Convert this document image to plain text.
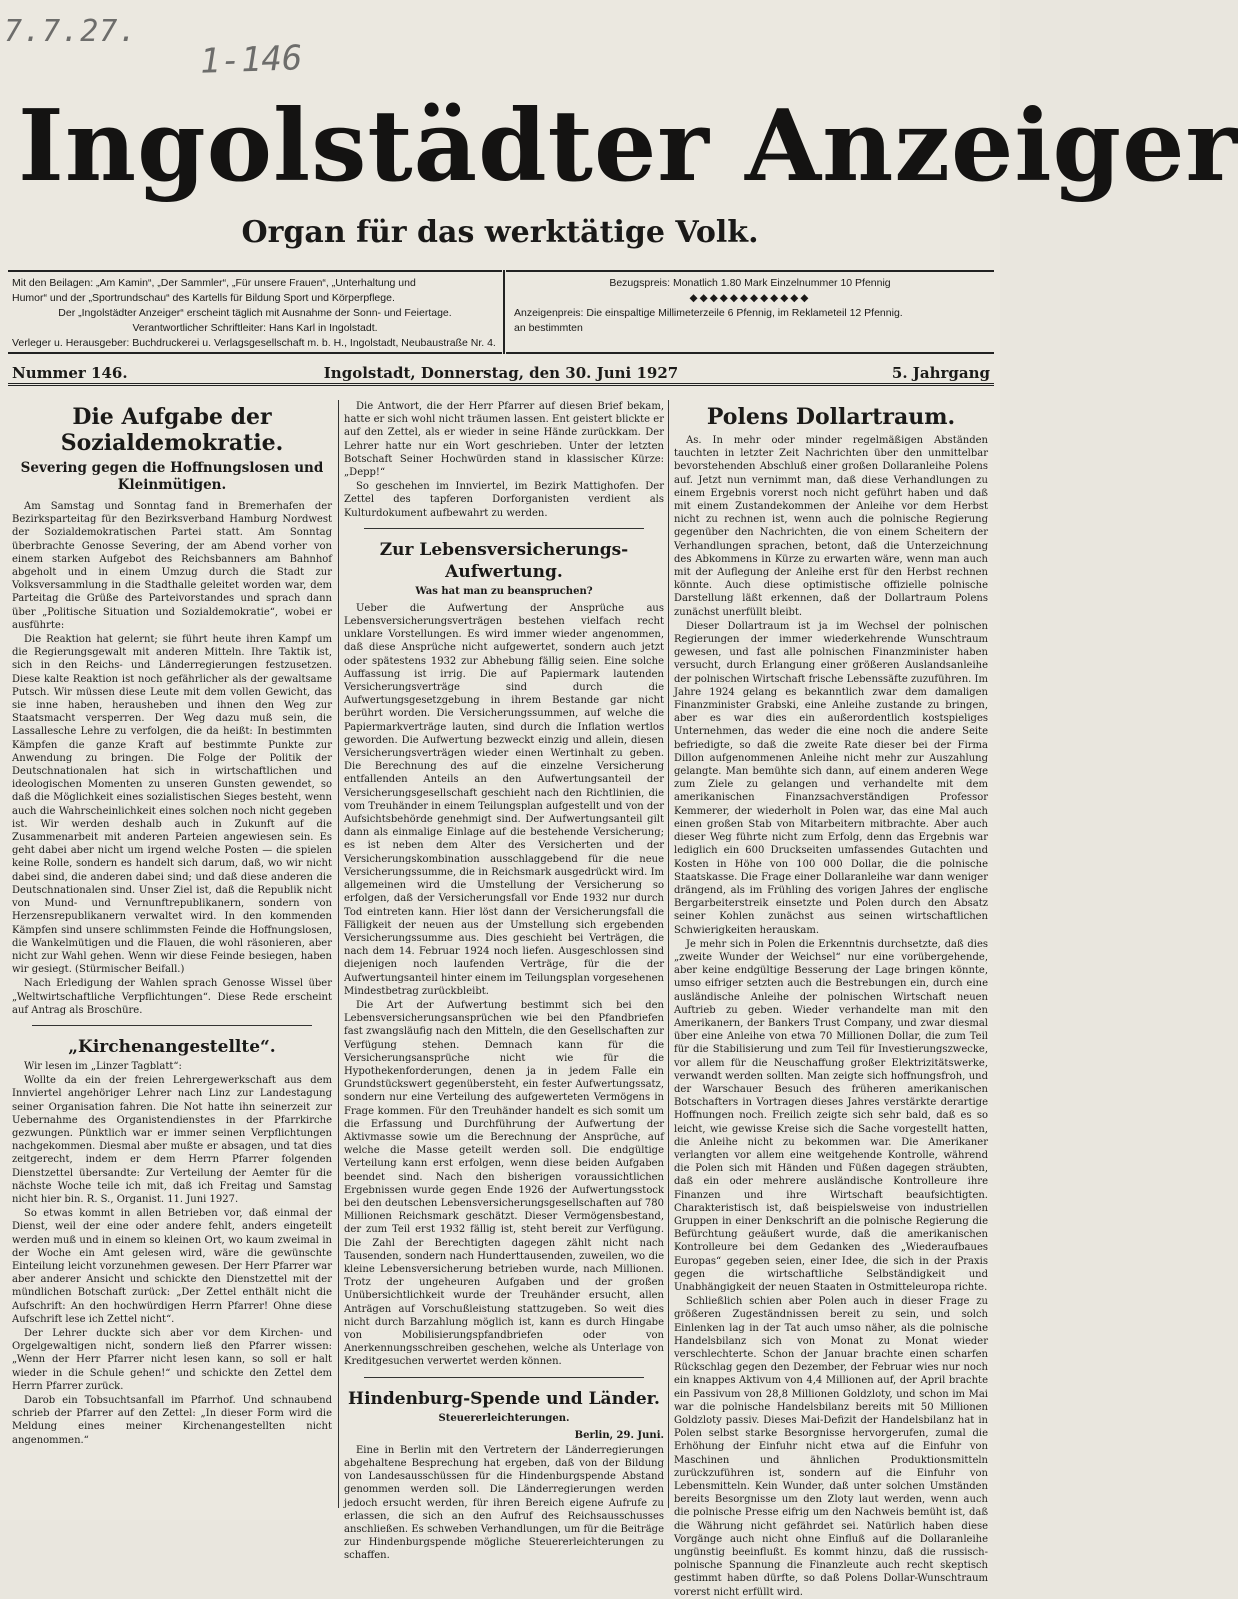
7.7.27.
1-146
Ingolstädter Anzeiger
Organ für das werktätige Volk.

Mit den Beilagen: „Am Kamin“, „Der Sammler“, „Für unsere Frauen“, „Unterhaltung und

Humor“ und der „Sportrundschau“ des Kartells für Bildung Sport und Körperpflege.

Der „Ingolstädter Anzeiger“ erscheint täglich mit Ausnahme der Sonn- und Feiertage.

Verantwortlicher Schriftleiter: Hans Karl in Ingolstadt.

Verleger u. Herausgeber: Buchdruckerei u. Verlagsgesellschaft m. b. H., Ingolstadt, Neubaustraße Nr. 4.

Bezugspreis: Monatlich 1.80 Mark Einzelnummer 10 Pfennig

◆◆◆◆◆◆◆◆◆◆◆◆

Anzeigenpreis: Die einspaltige Millimeterzeile 6 Pfennig, im Reklameteil 12 Pfennig.

an bestimmten

Ingolstadt, Donnerstag, den 30. Juni 1927
Nummer 146.	5. Jahrgang
Die Aufgabe der Sozialdemokratie.
Severing gegen die Hoffnungslosen und Kleinmütigen.

Am Samstag und Sonntag fand in Bremerhafen der Bezirksparteitag für den Bezirksverband Hamburg Nordwest der Sozialdemokratischen Partei statt. Am Sonntag überbrachte Genosse Severing, der am Abend vorher von einem starken Aufgebot des Reichsbanners am Bahnhof abgeholt und in einem Umzug durch die Stadt zur Volksversammlung in die Stadthalle geleitet worden war, dem Parteitag die Grüße des Parteivorstandes und sprach dann über „Politische Situation und Sozialdemokratie“, wobei er ausführte:

Die Reaktion hat gelernt; sie führt heute ihren Kampf um die Regierungsgewalt mit anderen Mitteln. Ihre Taktik ist, sich in den Reichs- und Länderregierungen festzusetzen. Diese kalte Reaktion ist noch gefährlicher als der gewaltsame Putsch. Wir müssen diese Leute mit dem vollen Gewicht, das sie inne haben, herausheben und ihnen den Weg zur Staatsmacht versperren. Der Weg dazu muß sein, die Lassallesche Lehre zu verfolgen, die da heißt: In bestimmten Kämpfen die ganze Kraft auf bestimmte Punkte zur Anwendung zu bringen. Die Folge der Politik der Deutschnationalen hat sich in wirtschaftlichen und ideologischen Momenten zu unseren Gunsten gewendet, so daß die Möglichkeit eines sozialistischen Sieges besteht, wenn auch die Wahrscheinlichkeit eines solchen noch nicht gegeben ist. Wir werden deshalb auch in Zukunft auf die Zusammenarbeit mit anderen Parteien angewiesen sein. Es geht dabei aber nicht um irgend welche Posten — die spielen keine Rolle, sondern es handelt sich darum, daß, wo wir nicht dabei sind, die anderen dabei sind; und daß diese anderen die Deutschnationalen sind. Unser Ziel ist, daß die Republik nicht von Mund- und Vernunftrepublikanern, sondern von Herzensrepublikanern verwaltet wird. In den kommenden Kämpfen sind unsere schlimmsten Feinde die Hoffnungslosen, die Wankelmütigen und die Flauen, die wohl räsonieren, aber nicht zur Wahl gehen. Wenn wir diese Feinde besiegen, haben wir gesiegt. (Stürmischer Beifall.)

Nach Erledigung der Wahlen sprach Genosse Wissel über „Weltwirtschaftliche Verpflichtungen“. Diese Rede erscheint auf Antrag als Broschüre.

„Kirchenangestellte“.

Wir lesen im „Linzer Tagblatt“:

Wollte da ein der freien Lehrergewerkschaft aus dem Innviertel angehöriger Lehrer nach Linz zur Landestagung seiner Organisation fahren. Die Not hatte ihn seinerzeit zur Uebernahme des Organistendienstes in der Pfarrkirche gezwungen. Pünktlich war er immer seinen Verpflichtungen nachgekommen. Diesmal aber mußte er absagen, und tat dies zeitgerecht, indem er dem Herrn Pfarrer folgenden Dienstzettel übersandte: Zur Verteilung der Aemter für die nächste Woche teile ich mit, daß ich Freitag und Samstag nicht hier bin. R. S., Organist. 11. Juni 1927.

So etwas kommt in allen Betrieben vor, daß einmal der Dienst, weil der eine oder andere fehlt, anders eingeteilt werden muß und in einem so kleinen Ort, wo kaum zweimal in der Woche ein Amt gelesen wird, wäre die gewünschte Einteilung leicht vorzunehmen gewesen. Der Herr Pfarrer war aber anderer Ansicht und schickte den Dienstzettel mit der mündlichen Botschaft zurück: „Der Zettel enthält nicht die Aufschrift: An den hochwürdigen Herrn Pfarrer! Ohne diese Aufschrift lese ich Zettel nicht“.

Der Lehrer duckte sich aber vor dem Kirchen- und Orgelgewaltigen nicht, sondern ließ den Pfarrer wissen: „Wenn der Herr Pfarrer nicht lesen kann, so soll er halt wieder in die Schule gehen!“ und schickte den Zettel dem Herrn Pfarrer zurück.

Darob ein Tobsuchtsanfall im Pfarrhof. Und schnaubend schrieb der Pfarrer auf den Zettel: „In dieser Form wird die Meldung eines meiner Kirchenangestellten nicht angenommen.“

Die Antwort, die der Herr Pfarrer auf diesen Brief bekam, hatte er sich wohl nicht träumen lassen. Ent geistert blickte er auf den Zettel, als er wieder in seine Hände zurückkam. Der Lehrer hatte nur ein Wort geschrieben. Unter der letzten Botschaft Seiner Hochwürden stand in klassischer Kürze: „Depp!“

So geschehen im Innviertel, im Bezirk Mattighofen. Der Zettel des tapferen Dorforganisten verdient als Kulturdokument aufbewahrt zu werden.

Zur Lebensversicherungs-Aufwertung.
Was hat man zu beanspruchen?

Ueber die Aufwertung der Ansprüche aus Lebensversicherungsverträgen bestehen vielfach recht unklare Vorstellungen. Es wird immer wieder angenommen, daß diese Ansprüche nicht aufgewertet, sondern auch jetzt oder spätestens 1932 zur Abhebung fällig seien. Eine solche Auffassung ist irrig. Die auf Papiermark lautenden Versicherungsverträge sind durch die Aufwertungsgesetzgebung in ihrem Bestande gar nicht berührt worden. Die Versicherungssummen, auf welche die Papiermarkverträge lauten, sind durch die Inflation wertlos geworden. Die Aufwertung bezweckt einzig und allein, diesen Versicherungsverträgen wieder einen Wertinhalt zu geben. Die Berechnung des auf die einzelne Versicherung entfallenden Anteils an den Aufwertungsanteil der Versicherungsgesellschaft geschieht nach den Richtlinien, die vom Treuhänder in einem Teilungsplan aufgestellt und von der Aufsichtsbehörde genehmigt sind. Der Aufwertungsanteil gilt dann als einmalige Einlage auf die bestehende Versicherung; es ist neben dem Alter des Versicherten und der Versicherungskombination ausschlaggebend für die neue Versicherungssumme, die in Reichsmark ausgedrückt wird. Im allgemeinen wird die Umstellung der Versicherung so erfolgen, daß der Versicherungsfall vor Ende 1932 nur durch Tod eintreten kann. Hier löst dann der Versicherungsfall die Fälligkeit der neuen aus der Umstellung sich ergebenden Versicherungssumme aus. Dies geschieht bei Verträgen, die nach dem 14. Februar 1924 noch liefen. Ausgeschlossen sind diejenigen noch laufenden Verträge, für die der Aufwertungsanteil hinter einem im Teilungsplan vorgesehenen Mindestbetrag zurückbleibt.

Die Art der Aufwertung bestimmt sich bei den Lebensversicherungsansprüchen wie bei den Pfandbriefen fast zwangsläufig nach den Mitteln, die den Gesellschaften zur Verfügung stehen. Demnach kann für die Versicherungsansprüche nicht wie für die Hypothekenforderungen, denen ja in jedem Falle ein Grundstückswert gegenübersteht, ein fester Aufwertungssatz, sondern nur eine Verteilung des aufgewerteten Vermögens in Frage kommen. Für den Treuhänder handelt es sich somit um die Erfassung und Durchführung der Aufwertung der Aktivmasse sowie um die Berechnung der Ansprüche, auf welche die Masse geteilt werden soll. Die endgültige Verteilung kann erst erfolgen, wenn diese beiden Aufgaben beendet sind. Nach den bisherigen voraussichtlichen Ergebnissen wurde gegen Ende 1926 der Aufwertungsstock bei den deutschen Lebensversicherungsgesellschaften auf 780 Millionen Reichsmark geschätzt. Dieser Vermögensbestand, der zum Teil erst 1932 fällig ist, steht bereit zur Verfügung. Die Zahl der Berechtigten dagegen zählt nicht nach Tausenden, sondern nach Hunderttausenden, zuweilen, wo die kleine Lebensversicherung betrieben wurde, nach Millionen. Trotz der ungeheuren Aufgaben und der großen Unübersichtlichkeit wurde der Treuhänder ersucht, allen Anträgen auf Vorschußleistung stattzugeben. So weit dies nicht durch Barzahlung möglich ist, kann es durch Hingabe von Mobilisierungspfandbriefen oder von Anerkennungsschreiben geschehen, welche als Unterlage von Kreditgesuchen verwertet werden können.

Hindenburg-Spende und Länder.
Steuererleichterungen.
Berlin, 29. Juni.

Eine in Berlin mit den Vertretern der Länderregierungen abgehaltene Besprechung hat ergeben, daß von der Bildung von Landesausschüssen für die Hindenburgspende Abstand genommen werden soll. Die Länderregierungen werden jedoch ersucht werden, für ihren Bereich eigene Aufrufe zu erlassen, die sich an den Aufruf des Reichsausschusses anschließen. Es schweben Verhandlungen, um für die Beiträge zur Hindenburgspende mögliche Steuererleichterungen zu schaffen.

Polens Dollartraum.

As. In mehr oder minder regelmäßigen Abständen tauchten in letzter Zeit Nachrichten über den unmittelbar bevorstehenden Abschluß einer großen Dollaranleihe Polens auf. Jetzt nun vernimmt man, daß diese Verhandlungen zu einem Ergebnis vorerst noch nicht geführt haben und daß mit einem Zustandekommen der Anleihe vor dem Herbst nicht zu rechnen ist, wenn auch die polnische Regierung gegenüber den Nachrichten, die von einem Scheitern der Verhandlungen sprachen, betont, daß die Unterzeichnung des Abkommens in Kürze zu erwarten wäre, wenn man auch mit der Auflegung der Anleihe erst für den Herbst rechnen könnte. Auch diese optimistische offizielle polnische Darstellung läßt erkennen, daß der Dollartraum Polens zunächst unerfüllt bleibt.

Dieser Dollartraum ist ja im Wechsel der polnischen Regierungen der immer wiederkehrende Wunschtraum gewesen, und fast alle polnischen Finanzminister haben versucht, durch Erlangung einer größeren Auslandsanleihe der polnischen Wirtschaft frische Lebenssäfte zuzuführen. Im Jahre 1924 gelang es bekanntlich zwar dem damaligen Finanzminister Grabski, eine Anleihe zustande zu bringen, aber es war dies ein außerordentlich kostspieliges Unternehmen, das weder die eine noch die andere Seite befriedigte, so daß die zweite Rate dieser bei der Firma Dillon aufgenommenen Anleihe nicht mehr zur Auszahlung gelangte. Man bemühte sich dann, auf einem anderen Wege zum Ziele zu gelangen und verhandelte mit dem amerikanischen Finanzsachverständigen Professor Kemmerer, der wiederholt in Polen war, das eine Mal auch einen großen Stab von Mitarbeitern mitbrachte. Aber auch dieser Weg führte nicht zum Erfolg, denn das Ergebnis war lediglich ein 600 Druckseiten umfassendes Gutachten und Kosten in Höhe von 100 000 Dollar, die die polnische Staatskasse. Die Frage einer Dollaranleihe war dann weniger drängend, als im Frühling des vorigen Jahres der englische Bergarbeiterstreik einsetzte und Polen durch den Absatz seiner Kohlen zunächst aus seinen wirtschaftlichen Schwierigkeiten herauskam.

Je mehr sich in Polen die Erkenntnis durchsetzte, daß dies „zweite Wunder der Weichsel“ nur eine vorübergehende, aber keine endgültige Besserung der Lage bringen könnte, umso eifriger setzten auch die Bestrebungen ein, durch eine ausländische Anleihe der polnischen Wirtschaft neuen Auftrieb zu geben. Wieder verhandelte man mit den Amerikanern, der Bankers Trust Company, und zwar diesmal über eine Anleihe von etwa 70 Millionen Dollar, die zum Teil für die Stabilisierung und zum Teil für Investierungszwecke, vor allem für die Neuschaffung großer Elektrizitätswerke, verwandt werden sollten. Man zeigte sich hoffnungsfroh, und der Warschauer Besuch des früheren amerikanischen Botschafters in Vortragen dieses Jahres verstärkte derartige Hoffnungen noch. Freilich zeigte sich sehr bald, daß es so leicht, wie gewisse Kreise sich die Sache vorgestellt hatten, die Anleihe nicht zu bekommen war. Die Amerikaner verlangten vor allem eine weitgehende Kontrolle, während die Polen sich mit Händen und Füßen dagegen sträubten, daß ein oder mehrere ausländische Kontrolleure ihre Finanzen und ihre Wirtschaft beaufsichtigten. Charakteristisch ist, daß beispielsweise von industriellen Gruppen in einer Denkschrift an die polnische Regierung die Befürchtung geäußert wurde, daß die amerikanischen Kontrolleure bei dem Gedanken des „Wiederaufbaues Europas“ gegeben seien, einer Idee, die sich in der Praxis gegen die wirtschaftliche Selbständigkeit und Unabhängigkeit der neuen Staaten in Ostmitteleuropa richte.

Schließlich schien aber Polen auch in dieser Frage zu größeren Zugeständnissen bereit zu sein, und solch Einlenken lag in der Tat auch umso näher, als die polnische Handelsbilanz sich von Monat zu Monat wieder verschlechterte. Schon der Januar brachte einen scharfen Rückschlag gegen den Dezember, der Februar wies nur noch ein knappes Aktivum von 4,4 Millionen auf, der April brachte ein Passivum von 28,8 Millionen Goldzloty, und schon im Mai war die polnische Handelsbilanz bereits mit 50 Millionen Goldzloty passiv. Dieses Mai-Defizit der Handelsbilanz hat in Polen selbst starke Besorgnisse hervorgerufen, zumal die Erhöhung der Einfuhr nicht etwa auf die Einfuhr von Maschinen und ähnlichen Produktionsmitteln zurückzuführen ist, sondern auf die Einfuhr von Lebensmitteln. Kein Wunder, daß unter solchen Umständen bereits Besorgnisse um den Zloty laut werden, wenn auch die polnische Presse eifrig um den Nachweis bemüht ist, daß die Währung nicht gefährdet sei. Natürlich haben diese Vorgänge auch nicht ohne Einfluß auf die Dollaranleihe ungünstig beeinflußt. Es kommt hinzu, daß die russisch-polnische Spannung die Finanzleute auch recht skeptisch gestimmt haben dürfte, so daß Polens Dollar-Wunschtraum vorerst nicht erfüllt wird.
